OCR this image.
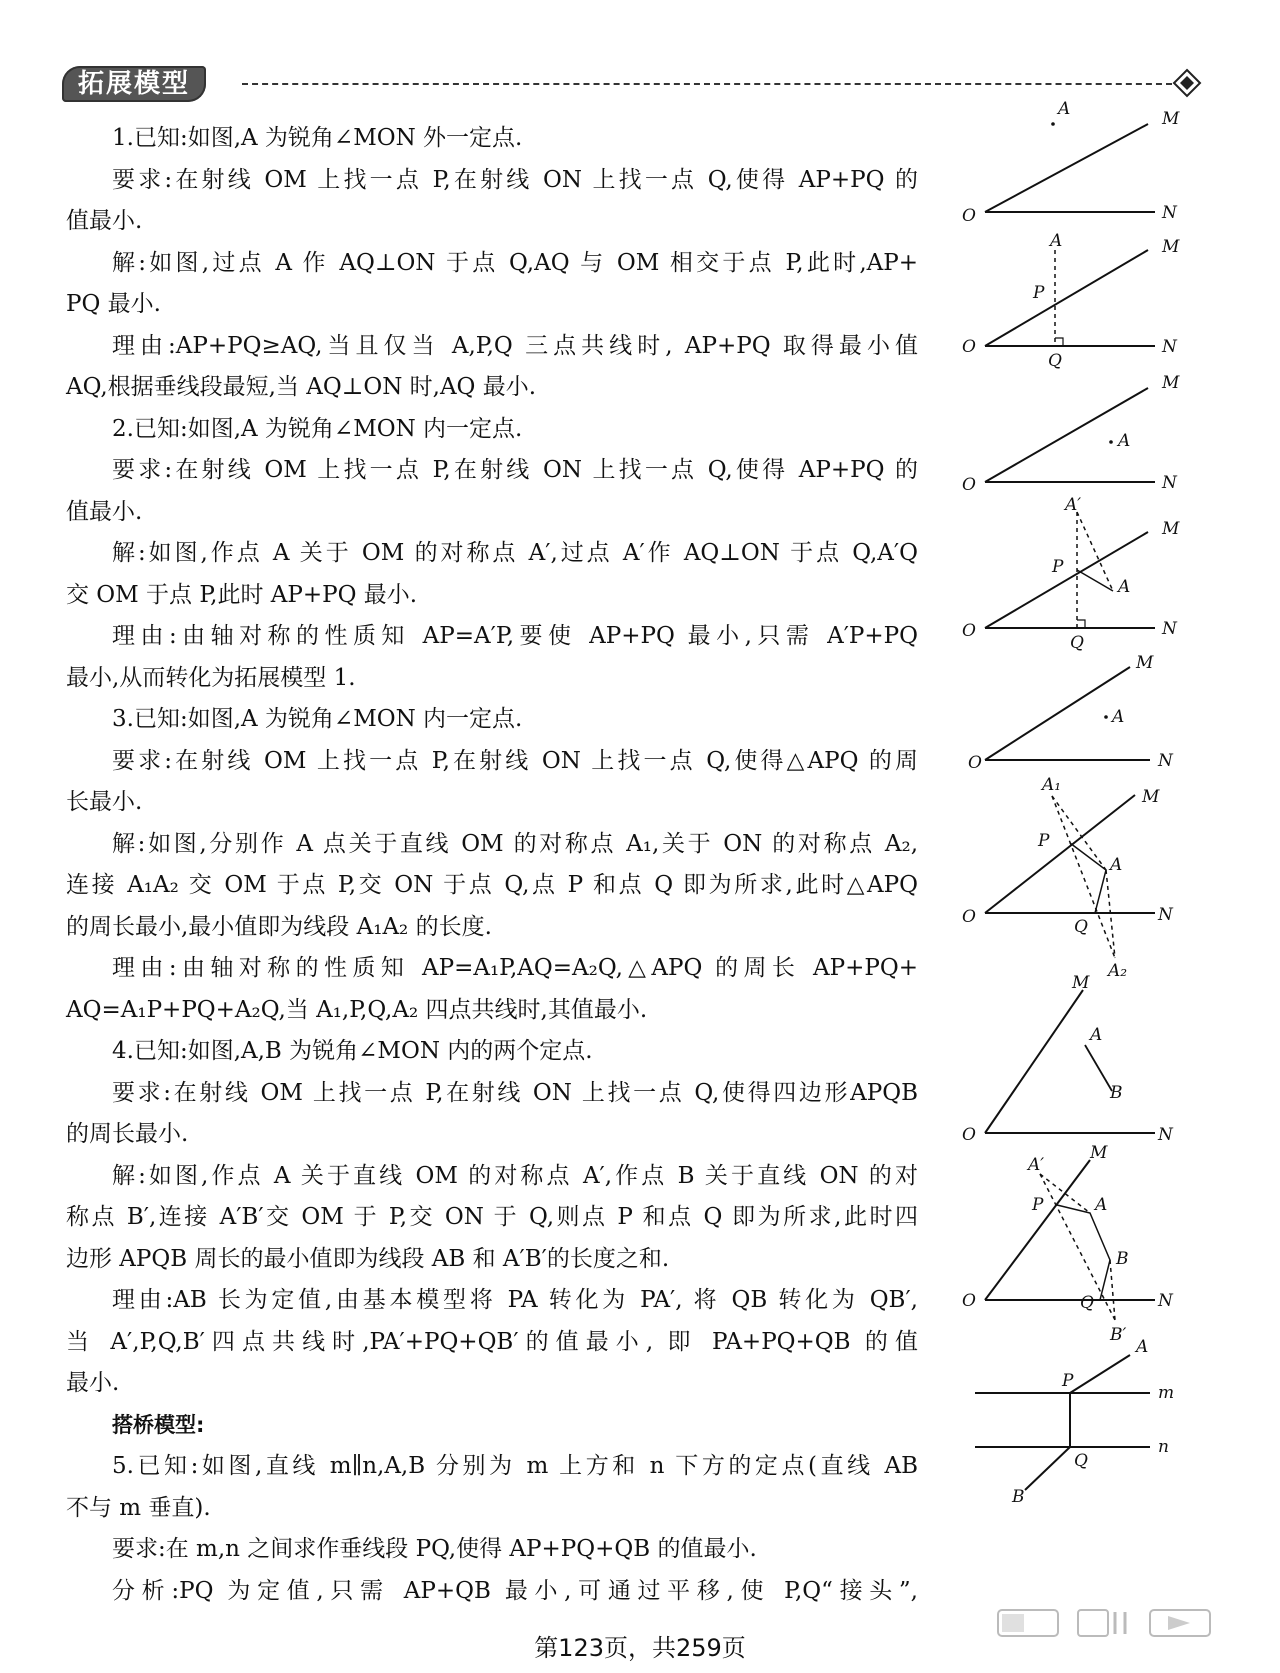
拓展模型
1.已知:如图,A 为锐角∠MON 外一定点.
要求:在射线 OM 上找一点 P,在射线 ON 上找一点 Q,使得 AP+PQ 的
值最小.
解:如图,过点 A 作 AQ⊥ON 于点 Q,AQ 与 OM 相交于点 P,此时,AP+
PQ 最小.
理由:AP+PQ≥AQ,当且仅当 A,P,Q 三点共线时, AP+PQ 取得最小值
AQ,根据垂线段最短,当 AQ⊥ON 时,AQ 最小.
2.已知:如图,A 为锐角∠MON 内一定点.
要求:在射线 OM 上找一点 P,在射线 ON 上找一点 Q,使得 AP+PQ 的
值最小.
解:如图,作点 A 关于 OM 的对称点 A′,过点 A′作 AQ⊥ON 于点 Q,A′Q
交 OM 于点 P,此时 AP+PQ 最小.
理由:由轴对称的性质知 AP=A′P,要使 AP+PQ 最小,只需 A′P+PQ
最小,从而转化为拓展模型 1.
3.已知:如图,A 为锐角∠MON 内一定点.
要求:在射线 OM 上找一点 P,在射线 ON 上找一点 Q,使得△APQ 的周
长最小.
解:如图,分别作 A 点关于直线 OM 的对称点 A₁,关于 ON 的对称点 A₂,
连接 A₁A₂ 交 OM 于点 P,交 ON 于点 Q,点 P 和点 Q 即为所求,此时△APQ
的周长最小,最小值即为线段 A₁A₂ 的长度.
理由:由轴对称的性质知 AP=A₁P,AQ=A₂Q,△APQ 的周长 AP+PQ+
AQ=A₁P+PQ+A₂Q,当 A₁,P,Q,A₂ 四点共线时,其值最小.
4.已知:如图,A,B 为锐角∠MON 内的两个定点.
要求:在射线 OM 上找一点 P,在射线 ON 上找一点 Q,使得四边形APQB
的周长最小.
解:如图,作点 A 关于直线 OM 的对称点 A′,作点 B 关于直线 ON 的对
称点 B′,连接 A′B′交 OM 于 P,交 ON 于 Q,则点 P 和点 Q 即为所求,此时四
边形 APQB 周长的最小值即为线段 AB 和 A′B′的长度之和.
理由:AB 长为定值,由基本模型将 PA 转化为 PA′, 将 QB 转化为 QB′,
当 A′,P,Q,B′四点共线时,PA′+PQ+QB′的值最小, 即 PA+PQ+QB 的值
最小.
搭桥模型:
5.已知:如图,直线 m∥n,A,B 分别为 m 上方和 n 下方的定点(直线 AB
不与 m 垂直).
要求:在 m,n 之间求作垂线段 PQ,使得 AP+PQ+QB 的值最小.
分析:PQ 为定值,只需 AP+QB 最小,可通过平移,使 P,Q“接头”,
A	M
N
O
A	M
P
N
O
Q
M
A
N
O
A′
M
P
A
N
O
Q
M
A
N
O
A₁
M
P
A
N
O	Q
A₂
M
A
B
O	N
A′
M
A
P
B
O	Q	N
B′
A
P
m
n
Q
B
第123页，共259页
